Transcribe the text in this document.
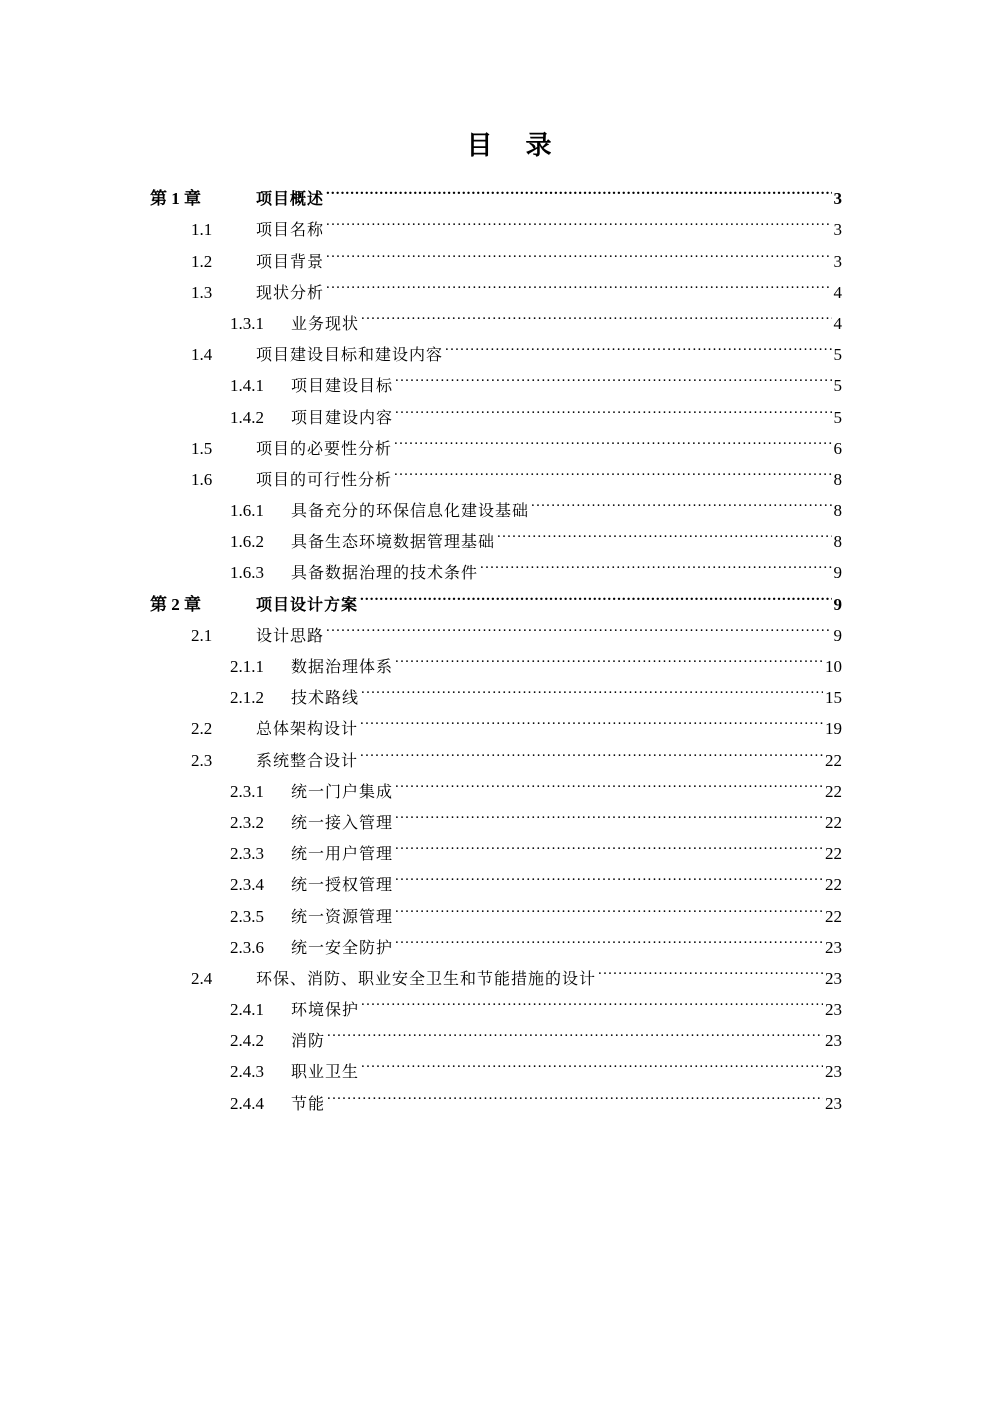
目 录
第 1 章	项目概述 .....	3
1.1	项目名称 .....	3
1.2	项目背景 .....	3
1.3	现状分析 .....	4
1.3.1	业务现状 .....	4
1.4	项目建设目标和建设内容 .....	5
1.4.1	项目建设目标 .....	5
1.4.2	项目建设内容 .....	5
1.5	项目的必要性分析 .....	6
1.6	项目的可行性分析 .....	8
1.6.1	具备充分的环保信息化建设基础 .....	8
1.6.2	具备生态环境数据管理基础 .....	8
1.6.3	具备数据治理的技术条件 .....	9
第 2 章	项目设计方案 .....	9
2.1	设计思路 .....	9
2.1.1	数据治理体系 .....	10
2.1.2	技术路线 .....	15
2.2	总体架构设计 .....	19
2.3	系统整合设计 .....	22
2.3.1	统一门户集成 .....	22
2.3.2	统一接入管理 .....	22
2.3.3	统一用户管理 .....	22
2.3.4	统一授权管理 .....	22
2.3.5	统一资源管理 .....	22
2.3.6	统一安全防护 .....	23
2.4	环保、消防、职业安全卫生和节能措施的设计 .....	23
2.4.1	环境保护 .....	23
2.4.2	消防 .....	23
2.4.3	职业卫生 .....	23
2.4.4	节能 .....	23
